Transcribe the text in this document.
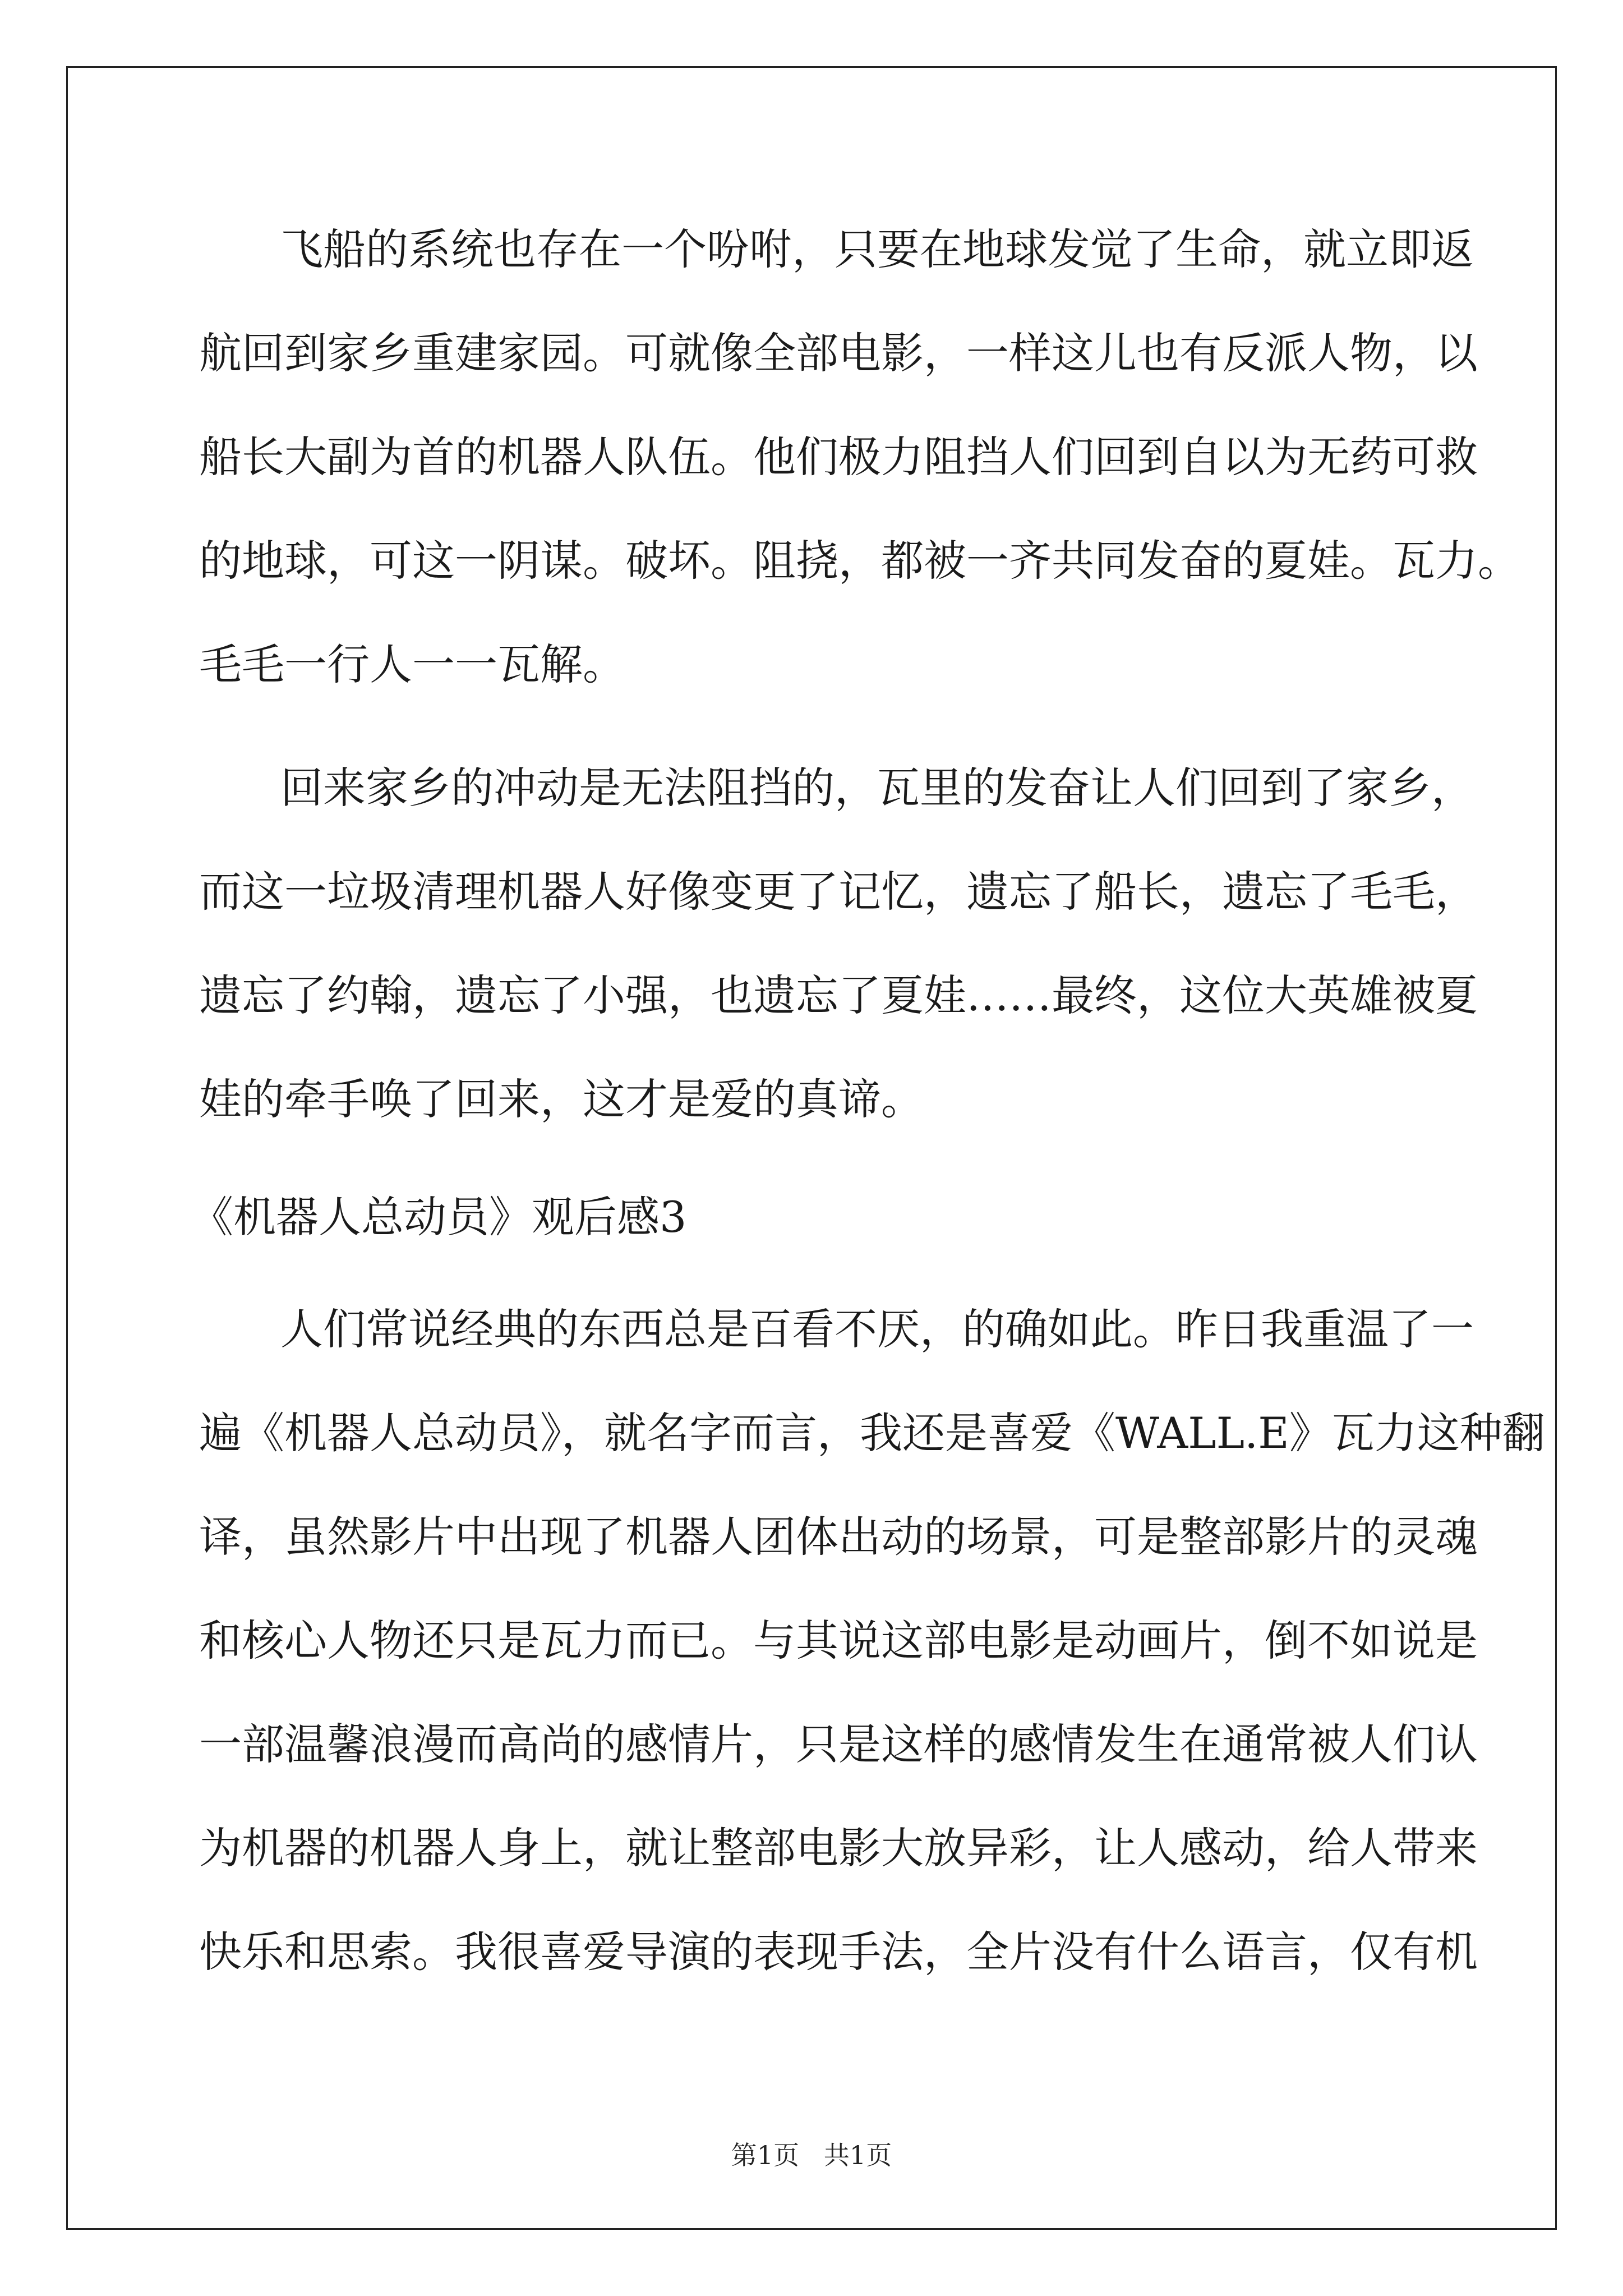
飞船的系统也存在一个吩咐，只要在地球发觉了生命，就立即返
航回到家乡重建家园。可就像全部电影，一样这儿也有反派人物，以
船长大副为首的机器人队伍。他们极力阻挡人们回到自以为无药可救
的地球，可这一阴谋。破坏。阻挠，都被一齐共同发奋的夏娃。瓦力。
毛毛一行人一一瓦解。
回来家乡的冲动是无法阻挡的，瓦里的发奋让人们回到了家乡，
而这一垃圾清理机器人好像变更了记忆，遗忘了船长，遗忘了毛毛，
遗忘了约翰，遗忘了小强，也遗忘了夏娃……最终，这位大英雄被夏
娃的牵手唤了回来，这才是爱的真谛。
《机器人总动员》观后感3
人们常说经典的东西总是百看不厌，的确如此。昨日我重温了一
遍《机器人总动员》，就名字而言，我还是喜爱《WALL.E》瓦力这种翻
译，虽然影片中出现了机器人团体出动的场景，可是整部影片的灵魂
和核心人物还只是瓦力而已。与其说这部电影是动画片，倒不如说是
一部温馨浪漫而高尚的感情片，只是这样的感情发生在通常被人们认
为机器的机器人身上，就让整部电影大放异彩，让人感动，给人带来
快乐和思索。我很喜爱导演的表现手法，全片没有什么语言，仅有机
第1页   共1页
